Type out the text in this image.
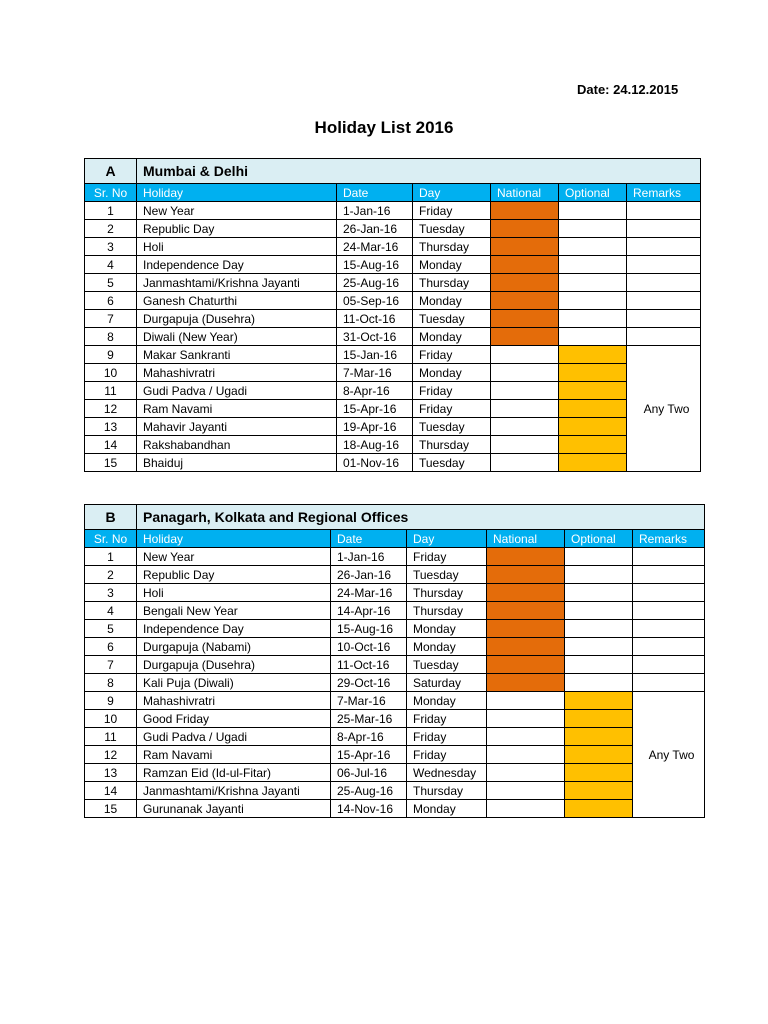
Date: 24.12.2015
Holiday List 2016
A	Mumbai & Delhi					
Sr. No	Holiday	Date	Day	National	Optional	Remarks
1	New Year	1-Jan-16	Friday			
2	Republic Day	26-Jan-16	Tuesday			
3	Holi	24-Mar-16	Thursday			
4	Independence Day	15-Aug-16	Monday			
5	Janmashtami/Krishna Jayanti	25-Aug-16	Thursday			
6	Ganesh Chaturthi	05-Sep-16	Monday			
7	Durgapuja (Dusehra)	11-Oct-16	Tuesday			
8	Diwali (New Year)	31-Oct-16	Monday			
9	Makar Sankranti	15-Jan-16	Friday			Any Two
10	Mahashivratri	7-Mar-16	Monday			
11	Gudi Padva / Ugadi	8-Apr-16	Friday			
12	Ram Navami	15-Apr-16	Friday			
13	Mahavir Jayanti	19-Apr-16	Tuesday			
14	Rakshabandhan	18-Aug-16	Thursday			
15	Bhaiduj	01-Nov-16	Tuesday			
B	Panagarh, Kolkata and Regional Offices					
Sr. No	Holiday	Date	Day	National	Optional	Remarks
1	New Year	1-Jan-16	Friday			
2	Republic Day	26-Jan-16	Tuesday			
3	Holi	24-Mar-16	Thursday			
4	Bengali New Year	14-Apr-16	Thursday			
5	Independence Day	15-Aug-16	Monday			
6	Durgapuja (Nabami)	10-Oct-16	Monday			
7	Durgapuja (Dusehra)	11-Oct-16	Tuesday			
8	Kali Puja (Diwali)	29-Oct-16	Saturday			
9	Mahashivratri	7-Mar-16	Monday			Any Two
10	Good Friday	25-Mar-16	Friday			
11	Gudi Padva / Ugadi	8-Apr-16	Friday			
12	Ram Navami	15-Apr-16	Friday			
13	Ramzan Eid (Id-ul-Fitar)	06-Jul-16	Wednesday			
14	Janmashtami/Krishna Jayanti	25-Aug-16	Thursday			
15	Gurunanak Jayanti	14-Nov-16	Monday			
